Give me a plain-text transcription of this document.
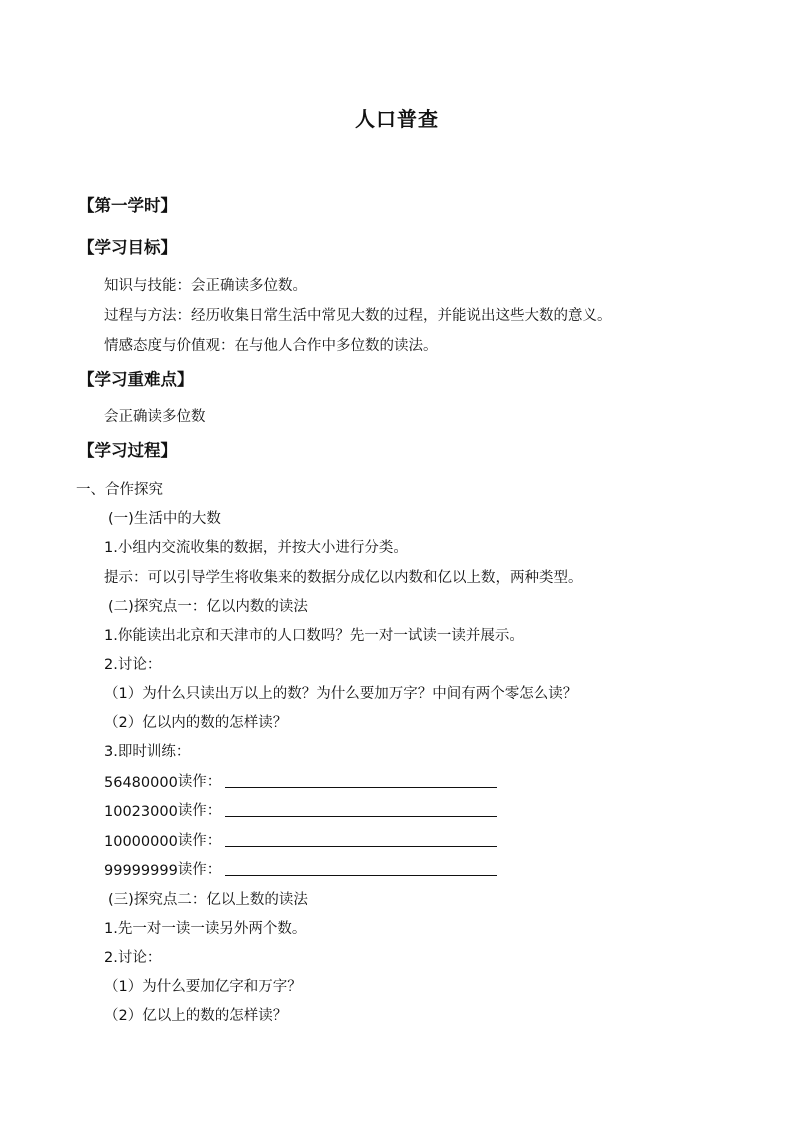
人口普查
【第一学时】
【学习目标】
知识与技能：会正确读多位数。
过程与方法：经历收集日常生活中常见大数的过程，并能说出这些大数的意义。
情感态度与价值观：在与他人合作中多位数的读法。
【学习重难点】
会正确读多位数
【学习过程】
一、合作探究
(一)生活中的大数
1.小组内交流收集的数据，并按大小进行分类。
提示：可以引导学生将收集来的数据分成亿以内数和亿以上数，两种类型。
(二)探究点一：亿以内数的读法
1.你能读出北京和天津市的人口数吗？先一对一试读一读并展示。
2.讨论：
（1）为什么只读出万以上的数？为什么要加万字？中间有两个零怎么读？
（2）亿以内的数的怎样读？
3.即时训练：
56480000 读作：
10023000 读作：
10000000 读作：
99999999 读作：
(三)探究点二：亿以上数的读法
1.先一对一读一读另外两个数。
2.讨论：
（1）为什么要加亿字和万字？
（2）亿以上的数的怎样读？
